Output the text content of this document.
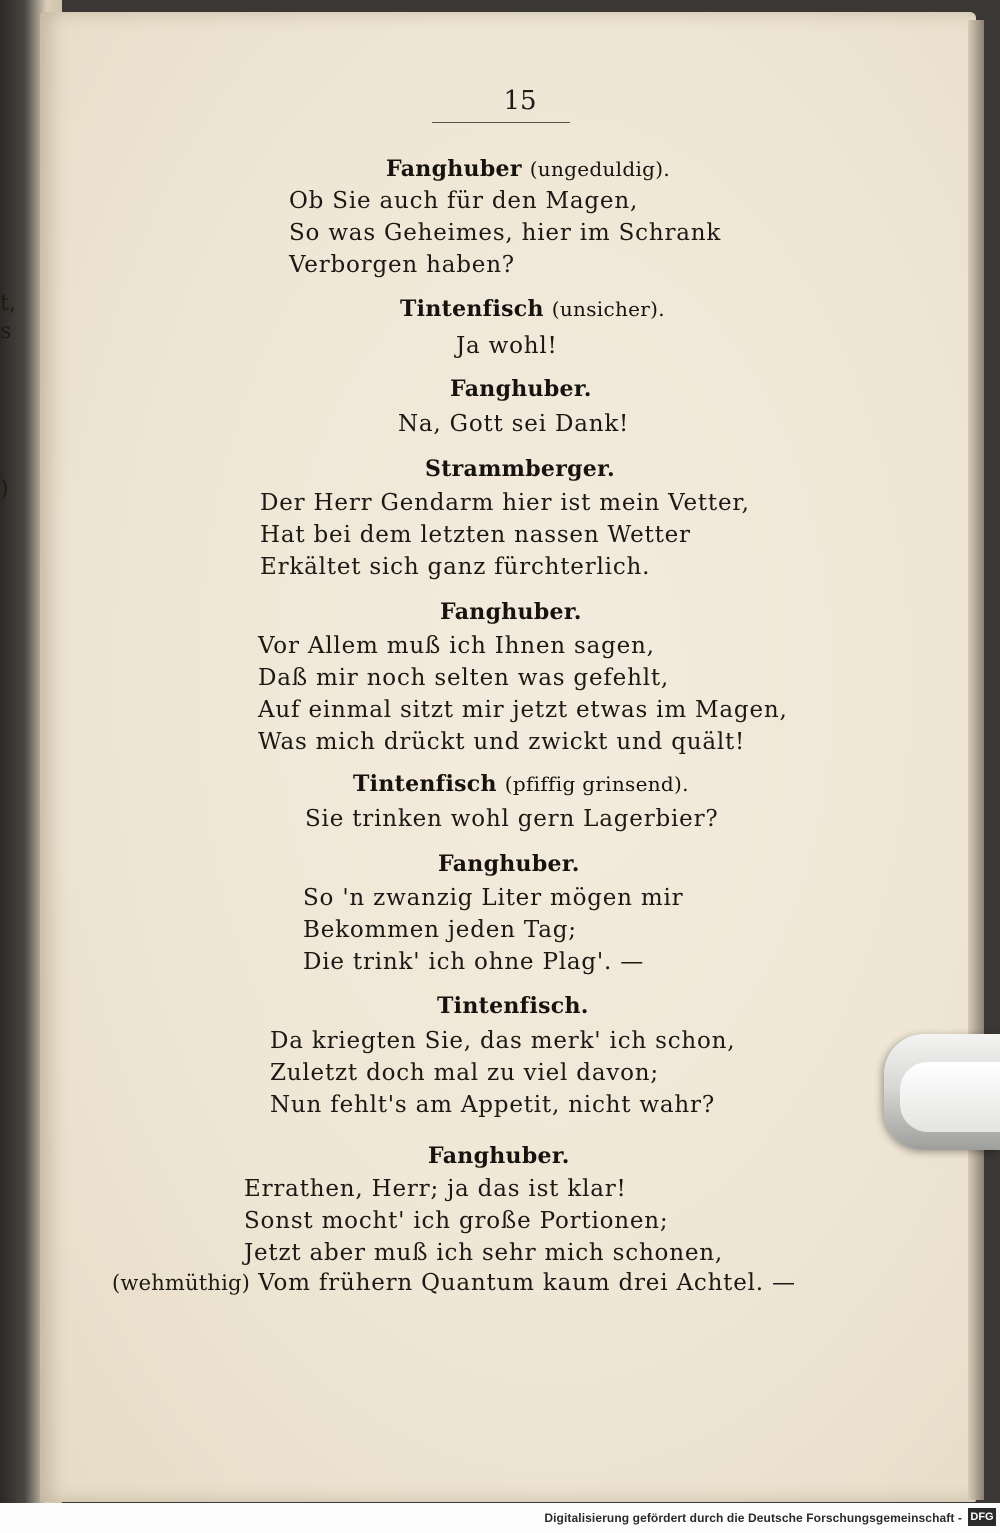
t,
s
)
15
Fanghuber (ungeduldig).
Ob Sie auch für den Magen,
So was Geheimes, hier im Schrank
Verborgen haben?
Tintenfisch (unsicher).
Ja wohl!
Fanghuber.
Na, Gott sei Dank!
Strammberger.
Der Herr Gendarm hier ist mein Vetter,
Hat bei dem letzten nassen Wetter
Erkältet sich ganz fürchterlich.
Fanghuber.
Vor Allem muß ich Ihnen sagen,
Daß mir noch selten was gefehlt,
Auf einmal sitzt mir jetzt etwas im Magen,
Was mich drückt und zwickt und quält!
Tintenfisch (pfiffig grinsend).
Sie trinken wohl gern Lagerbier?
Fanghuber.
So 'n zwanzig Liter mögen mir
Bekommen jeden Tag;
Die trink' ich ohne Plag'. —
Tintenfisch.
Da kriegten Sie, das merk' ich schon,
Zuletzt doch mal zu viel davon;
Nun fehlt's am Appetit, nicht wahr?
Fanghuber.
Errathen, Herr; ja das ist klar!
Sonst mocht' ich große Portionen;
Jetzt aber muß ich sehr mich schonen,
(wehmüthig) Vom frühern Quantum kaum drei Achtel. —
Digitalisierung gefördert durch die Deutsche Forschungsgemeinschaft - DFG
